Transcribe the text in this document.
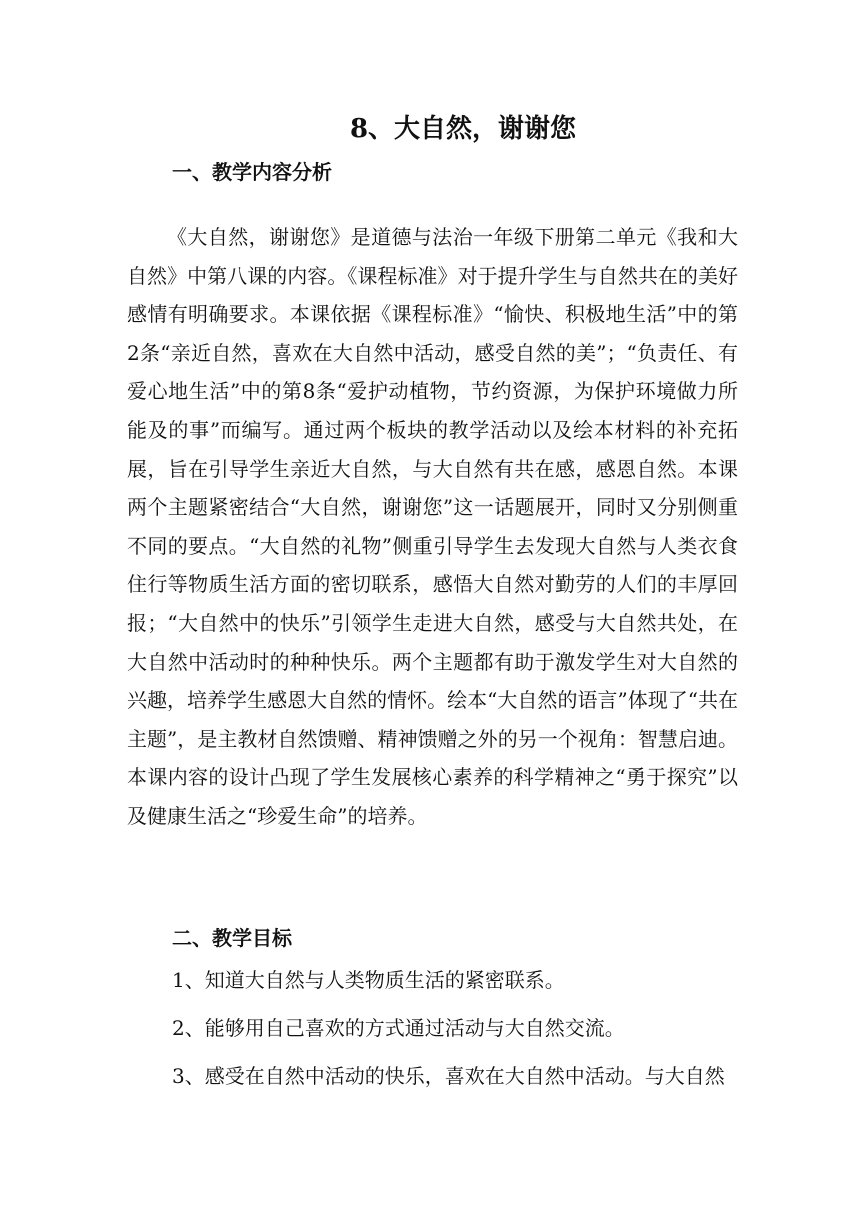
8、大自然，谢谢您
一、教学内容分析

《大自然，谢谢您》是道德与法治一年级下册第二单元《我和大自然》中第八课的内容。《课程标准》对于提升学生与自然共在的美好感情有明确要求。本课依据《课程标准》“愉快、积极地生活”中的第2条“亲近自然，喜欢在大自然中活动，感受自然的美”；“负责任、有爱心地生活”中的第8条“爱护动植物，节约资源，为保护环境做力所能及的事”而编写。通过两个板块的教学活动以及绘本材料的补充拓展，旨在引导学生亲近大自然，与大自然有共在感，感恩自然。本课两个主题紧密结合“大自然，谢谢您”这一话题展开，同时又分别侧重不同的要点。“大自然的礼物”侧重引导学生去发现大自然与人类衣食住行等物质生活方面的密切联系，感悟大自然对勤劳的人们的丰厚回报；“大自然中的快乐”引领学生走进大自然，感受与大自然共处，在大自然中活动时的种种快乐。两个主题都有助于激发学生对大自然的兴趣，培养学生感恩大自然的情怀。绘本“大自然的语言”体现了“共在主题”，是主教材自然馈赠、精神馈赠之外的另一个视角：智慧启迪。本课内容的设计凸现了学生发展核心素养的科学精神之“勇于探究”以及健康生活之“珍爱生命”的培养。

二、教学目标

1、知道大自然与人类物质生活的紧密联系。

2、能够用自己喜欢的方式通过活动与大自然交流。

3、感受在自然中活动的快乐，喜欢在大自然中活动。与大自然
